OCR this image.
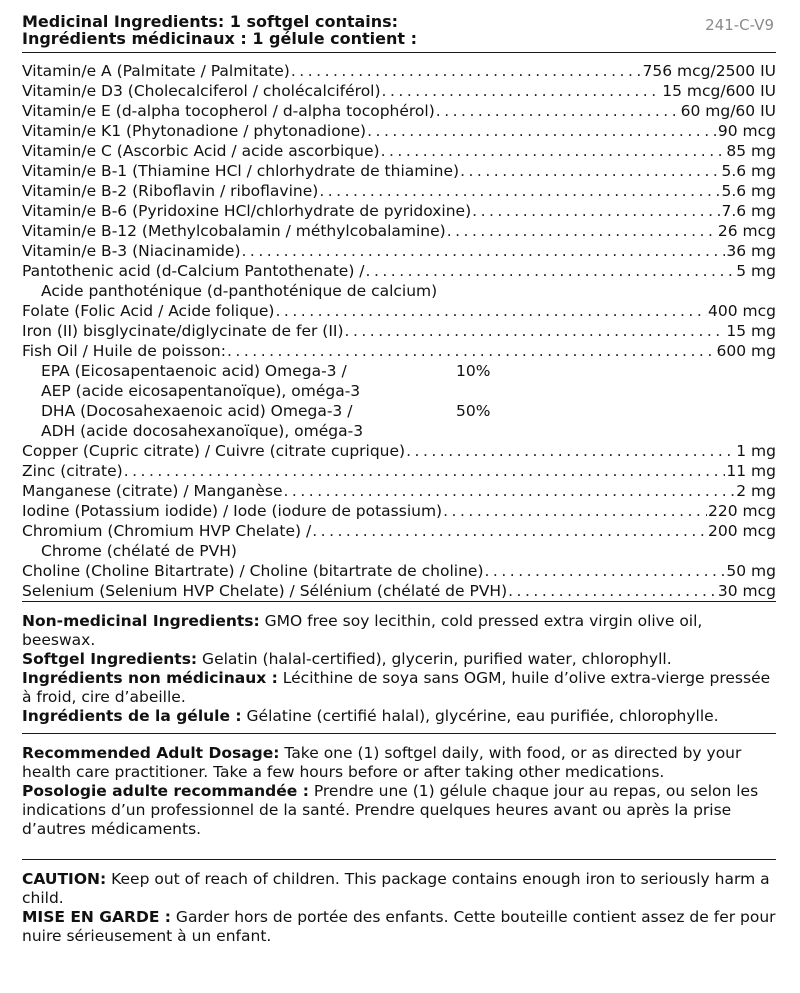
Medicinal Ingredients: 1 softgel contains:
Ingrédients médicinaux : 1 gélule contient :
241-C-V9
Vitamin/e A (Palmitate / Palmitate) .....	756 mcg/2500 IU
Vitamin/e D3 (Cholecalciferol / cholécalciférol) .....	15 mcg/600 IU
Vitamin/e E (d-alpha tocopherol / d-alpha tocophérol) .....	60 mg/60 IU
Vitamin/e K1 (Phytonadione / phytonadione) .....	90 mcg
Vitamin/e C (Ascorbic Acid / acide ascorbique) .....	85 mg
Vitamin/e B-1 (Thiamine HCl / chlorhydrate de thiamine) .....	5.6 mg
Vitamin/e B-2 (Riboflavin / riboflavine) .....	5.6 mg
Vitamin/e B-6 (Pyridoxine HCl/chlorhydrate de pyridoxine) .....	7.6 mg
Vitamin/e B-12 (Methylcobalamin / méthylcobalamine) .....	26 mcg
Vitamin/e B-3 (Niacinamide) .....	36 mg
Pantothenic acid (d-Calcium Pantothenate) / .....	5 mg
Acide panthoténique (d-panthoténique de calcium)
Folate (Folic Acid / Acide folique) .....	400 mcg
Iron (II) bisglycinate/diglycinate de fer (II) .....	15 mg
Fish Oil / Huile de poisson: .....	600 mg
EPA (Eicosapentaenoic acid) Omega-3 /	10%
AEP (acide eicosapentanoïque), oméga-3
DHA (Docosahexaenoic acid) Omega-3 /	50%
ADH (acide docosahexanoïque), oméga-3
Copper (Cupric citrate) / Cuivre (citrate cuprique) .....	1 mg
Zinc (citrate) .....	11 mg
Manganese (citrate) / Manganèse .....	2 mg
Iodine (Potassium iodide) / Iode (iodure de potassium) .....	220 mcg
Chromium (Chromium HVP Chelate) / .....	200 mcg
Chrome (chélaté de PVH)
Choline (Choline Bitartrate) / Choline (bitartrate de choline) .....	50 mg
Selenium (Selenium HVP Chelate) / Sélénium (chélaté de PVH) .....	30 mcg

Non-medicinal Ingredients: GMO free soy lecithin, cold pressed extra virgin olive oil, beeswax.

Softgel Ingredients: Gelatin (halal-certified), glycerin, purified water, chlorophyll.

Ingrédients non médicinaux : Lécithine de soya sans OGM, huile d’olive extra-vierge pressée à froid, cire d’abeille.

Ingrédients de la gélule : Gélatine (certifié halal), glycérine, eau purifiée, chlorophylle.

Recommended Adult Dosage: Take one (1) softgel daily, with food, or as directed by your health care practitioner. Take a few hours before or after taking other medications.

Posologie adulte recommandée : Prendre une (1) gélule chaque jour au repas, ou selon les indications d’un professionnel de la santé. Prendre quelques heures avant ou après la prise d’autres médicaments.

CAUTION: Keep out of reach of children. This package contains enough iron to seriously harm a child.

MISE EN GARDE : Garder hors de portée des enfants. Cette bouteille contient assez de fer pour nuire sérieusement à un enfant.
